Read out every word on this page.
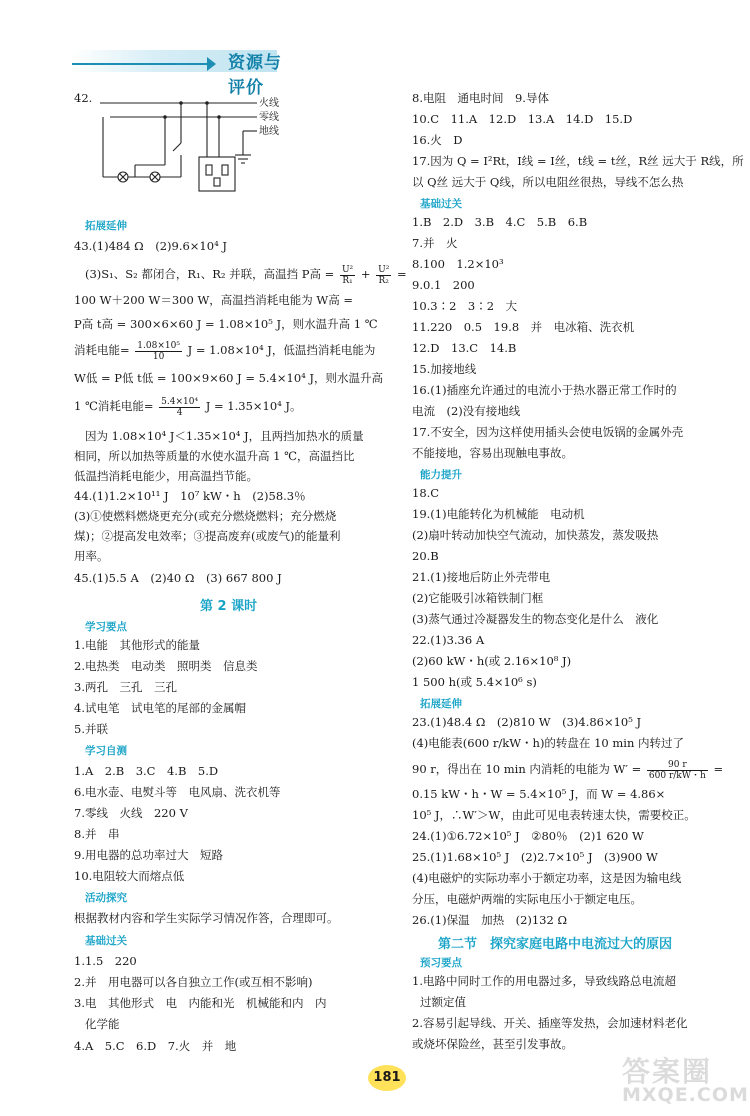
资源与评价
42.	火线
零线
地线
拓展延伸
43.(1)484 Ω　(2)9.6×10⁴ J
(3)S₁、S₂ 都闭合，R₁、R₂ 并联，高温挡 P高 = $\frac{\text{U²}}{\text{R₁}} + \frac{\text{U²}}{\text{R₂}}$ =
100 W＋200 W＝300 W，高温挡消耗电能为 W高 =
P高 t高 = 300×6×60 J = 1.08×10⁵ J，则水温升高 1 ℃
消耗电能= $\frac{\text{1.08×10⁵}}{10}$ J = 1.08×10⁴ J，低温挡消耗电能为
W低 = P低 t低 = 100×9×60 J = 5.4×10⁴ J，则水温升高
1 ℃消耗电能= $\frac{\text{5.4×10⁴}}{4}$ J = 1.35×10⁴ J。
因为 1.08×10⁴ J＜1.35×10⁴ J，且两挡加热水的质量
相同，所以加热等质量的水使水温升高 1 ℃，高温挡比
低温挡消耗电能少，用高温挡节能。
44.(1)1.2×10¹¹ J　10⁷ kW・h　(2)58.3％
(3)①使燃料燃烧更充分(或充分燃烧燃料；充分燃烧
煤)；②提高发电效率；③提高废弃(或废气)的能量利
用率。
45.(1)5.5 A　(2)40 Ω　(3) 667 800 J
第 2 课时
学习要点
1.电能　其他形式的能量
2.电热类　电动类　照明类　信息类
3.两孔　三孔　三孔
4.试电笔　试电笔的尾部的金属帽
5.并联
学习自测
1.A　2.B　3.C　4.B　5.D
6.电水壶、电熨斗等　电风扇、洗衣机等
7.零线　火线　220 V
8.并　串
9.用电器的总功率过大　短路
10.电阻较大而熔点低
活动探究
根据教材内容和学生实际学习情况作答，合理即可。
基础过关
1.1.5　220
2.并　用电器可以各自独立工作(或互相不影响)
3.电　其他形式　电　内能和光　机械能和内　内
化学能
4.A　5.C　6.D　7.火　并　地
8.电阻　通电时间　9.导体
10.C　11.A　12.D　13.A　14.D　15.D
16.火　D
17.因为 Q = I²Rt，I线 = I丝，t线 = t丝，R丝 远大于 R线，所
以 Q丝 远大于 Q线，所以电阻丝很热，导线不怎么热
基础过关
1.B　2.D　3.B　4.C　5.B　6.B
7.并　火
8.100　1.2×10³
9.0.1　200
10.3∶2　3∶2　大
11.220　0.5　19.8　并　电冰箱、洗衣机
12.D　13.C　14.B
15.加接地线
16.(1)插座允许通过的电流小于热水器正常工作时的
电流　(2)没有接地线
17.不安全，因为这样使用插头会使电饭锅的金属外壳
不能接地，容易出现触电事故。
能力提升
18.C
19.(1)电能转化为机械能　电动机
(2)扇叶转动加快空气流动，加快蒸发，蒸发吸热
20.B
21.(1)接地后防止外壳带电
(2)它能吸引冰箱铁制门框
(3)蒸气通过冷凝器发生的物态变化是什么　液化
22.(1)3.36 A
(2)60 kW・h(或 2.16×10⁸ J)
1 500 h(或 5.4×10⁶ s)
拓展延伸
23.(1)48.4 Ω　(2)810 W　(3)4.86×10⁵ J
(4)电能表(600 r/kW・h)的转盘在 10 min 内转过了
90 r，得出在 10 min 内消耗的电能为 $W' = \frac{90 r}{600 r/kW・h}$ =
0.15 kW・h・W = 5.4×10⁵ J，而 W = 4.86×
10⁵ J，∴W′＞W，由此可见电表转速太快，需要校正。
24.(1)①6.72×10⁵ J　②80％　(2)1 620 W
25.(1)1.68×10⁵ J　(2)2.7×10⁵ J　(3)900 W
(4)电磁炉的实际功率小于额定功率，这是因为输电线
分压，电磁炉两端的实际电压小于额定电压。
26.(1)保温　加热　(2)132 Ω
第二节　探究家庭电路中电流过大的原因
预习要点
1.电路中同时工作的用电器过多，导致线路总电流超
过额定值
2.容易引起导线、开关、插座等发热，会加速材料老化
或烧坏保险丝，甚至引发事故。
181	答案圈
MXQE.COM
